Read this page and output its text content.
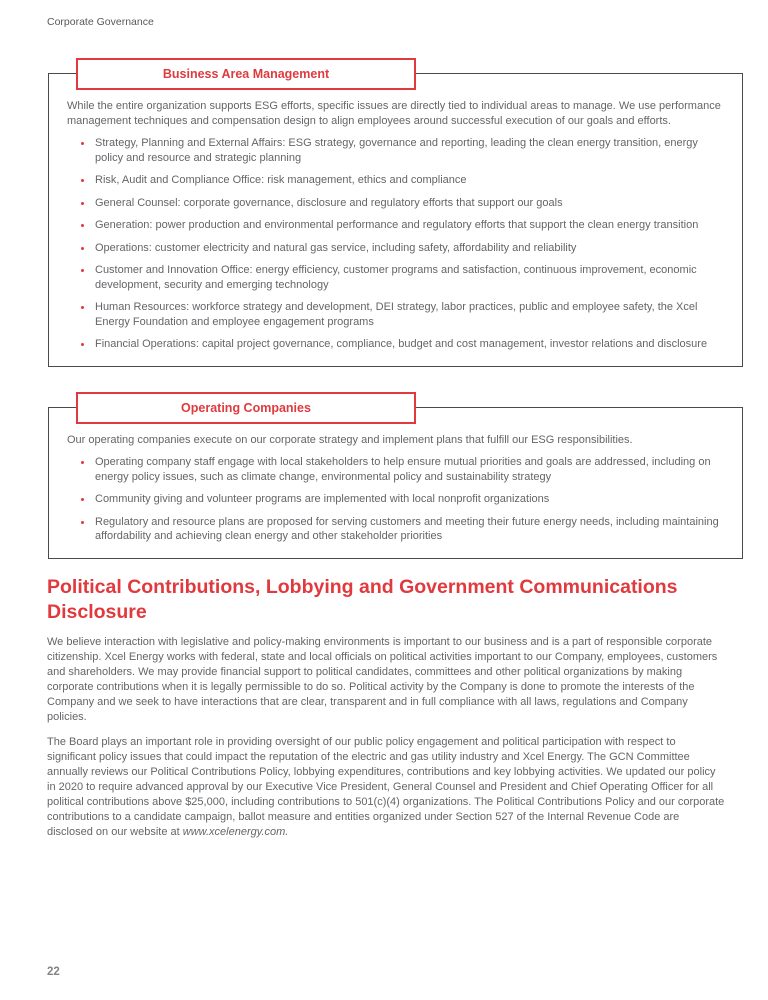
Corporate Governance
Business Area Management

While the entire organization supports ESG efforts, specific issues are directly tied to individual areas to manage. We use performance management techniques and compensation design to align employees around successful execution of our goals and efforts.

• Strategy, Planning and External Affairs: ESG strategy, governance and reporting, leading the clean energy transition, energy policy and resource and strategic planning
• Risk, Audit and Compliance Office: risk management, ethics and compliance
• General Counsel: corporate governance, disclosure and regulatory efforts that support our goals
• Generation: power production and environmental performance and regulatory efforts that support the clean energy transition
• Operations: customer electricity and natural gas service, including safety, affordability and reliability
• Customer and Innovation Office: energy efficiency, customer programs and satisfaction, continuous improvement, economic development, security and emerging technology
• Human Resources: workforce strategy and development, DEI strategy, labor practices, public and employee safety, the Xcel Energy Foundation and employee engagement programs
• Financial Operations: capital project governance, compliance, budget and cost management, investor relations and disclosure
Operating Companies

Our operating companies execute on our corporate strategy and implement plans that fulfill our ESG responsibilities.

• Operating company staff engage with local stakeholders to help ensure mutual priorities and goals are addressed, including on energy policy issues, such as climate change, environmental policy and sustainability strategy
• Community giving and volunteer programs are implemented with local nonprofit organizations
• Regulatory and resource plans are proposed for serving customers and meeting their future energy needs, including maintaining affordability and achieving clean energy and other stakeholder priorities
Political Contributions, Lobbying and Government Communications Disclosure

We believe interaction with legislative and policy-making environments is important to our business and is a part of responsible corporate citizenship. Xcel Energy works with federal, state and local officials on political activities important to our Company, employees, customers and shareholders. We may provide financial support to political candidates, committees and other political organizations by making corporate contributions when it is legally permissible to do so. Political activity by the Company is done to promote the interests of the Company and we seek to have interactions that are clear, transparent and in full compliance with all laws, regulations and Company policies.

The Board plays an important role in providing oversight of our public policy engagement and political participation with respect to significant policy issues that could impact the reputation of the electric and gas utility industry and Xcel Energy. The GCN Committee annually reviews our Political Contributions Policy, lobbying expenditures, contributions and key lobbying activities. We updated our policy in 2020 to require advanced approval by our Executive Vice President, General Counsel and President and Chief Operating Officer for all political contributions above $25,000, including contributions to 501(c)(4) organizations. The Political Contributions Policy and our corporate contributions to a candidate campaign, ballot measure and entities organized under Section 527 of the Internal Revenue Code are disclosed on our website at www.xcelenergy.com.

22
